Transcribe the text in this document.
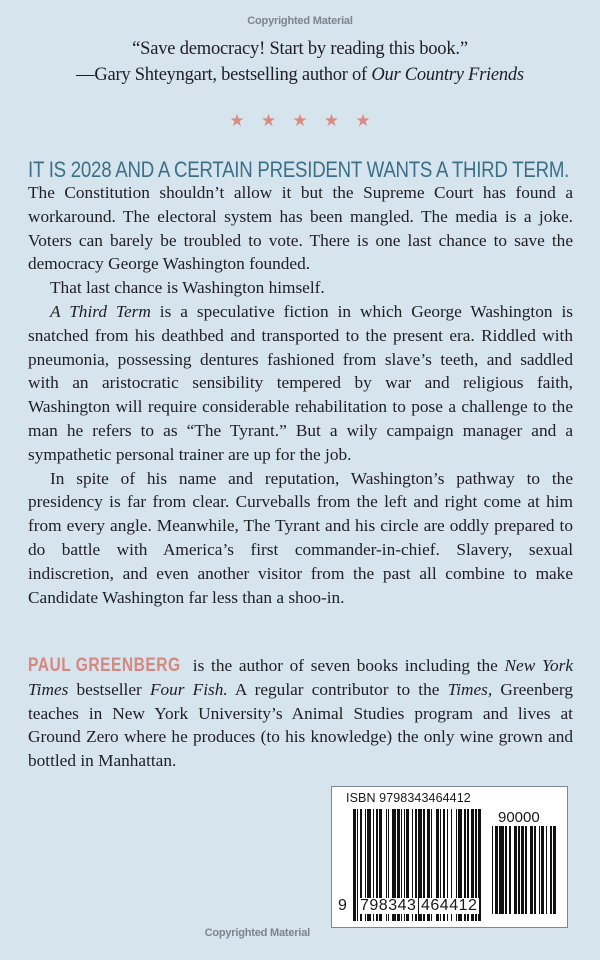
Copyrighted Material
“Save democracy! Start by reading this book.”
—Gary Shteyngart, bestselling author of Our Country Friends
★ ★ ★ ★ ★
IT IS 2028 AND A CERTAIN PRESIDENT WANTS A THIRD TERM.

The Constitution shouldn’t allow it but the Supreme Court has found a workaround. The electoral system has been mangled. The media is a joke. Voters can barely be troubled to vote. There is one last chance to save the democracy George Washington founded.

That last chance is Washington himself.

A Third Term is a speculative fiction in which George Washington is snatched from his deathbed and transported to the present era. Riddled with pneumonia, possessing dentures fashioned from slave’s teeth, and saddled with an aristocratic sensibility tempered by war and religious faith, Washington will require considerable rehabilitation to pose a challenge to the man he refers to as “The Tyrant.” But a wily campaign manager and a sympathetic personal trainer are up for the job.

In spite of his name and reputation, Washington’s pathway to the presidency is far from clear. Curveballs from the left and right come at him from every angle. Meanwhile, The Tyrant and his circle are oddly prepared to do battle with America’s first commander-in-chief. Slavery, sexual indiscretion, and even another visitor from the past all combine to make Candidate Washington far less than a shoo-in.

PAUL GREENBERG is the author of seven books including the New York Times bestseller Four Fish. A regular contributor to the Times, Greenberg teaches in New York University’s Animal Studies program and lives at Ground Zero where he produces (to his knowledge) the only wine grown and bottled in Manhattan.
ISBN 9798343464412
9 798343 464412
90000
Copyrighted Material
